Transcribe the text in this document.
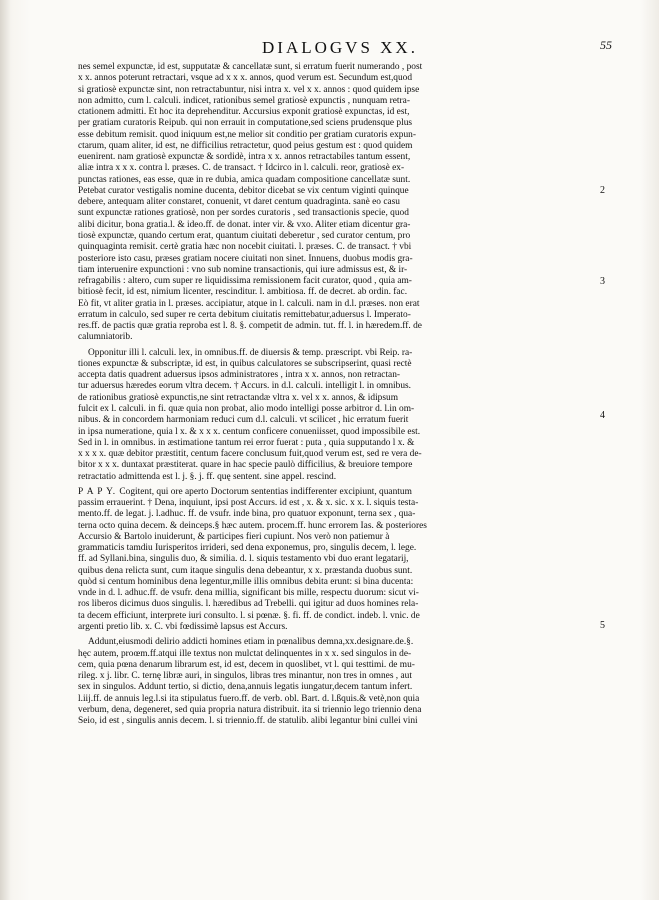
DIALOGVS XX.	55
nes semel expunctæ, id est, supputatæ & cancellatæ sunt, si erratum fuerit numerando , post
x x. annos poterunt retractari, vsque ad x x x. annos, quod verum est. Secundum est,quod
si gratiosè expunctæ sint, non retractabuntur, nisi intra x. vel x x. annos : quod quidem ipse
non admitto, cum l. calculi. indicet, rationibus semel gratiosè expunctis , nunquam retra-
ctationem admitti. Et hoc ita deprehenditur. Accursius exponit gratiosè expunctas, id est,
per gratiam curatoris Reipub. qui non errauit in computatione,sed sciens prudensque plus
esse debitum remisit. quod iniquum est,ne melior sit conditio per gratiam curatoris expun-
ctarum, quam aliter, id est, ne difficilius retractetur, quod peius gestum est : quod quidem
euenirent. nam gratiosè expunctæ & sordidè, intra x x. annos retractabiles tantum essent,
aliæ intra x x x. contra l. præses. C. de transact. † Idcirco in l. calculi. reor, gratiosè ex-
punctas rationes, eas esse, quæ in re dubia, amica quadam compositione cancellatæ sunt.
Petebat curator vestigalis nomine ducenta, debitor dicebat se vix centum viginti quinque
debere, antequam aliter constaret, conuenit, vt daret centum quadraginta. sanè eo casu
sunt expunctæ rationes gratiosè, non per sordes curatoris , sed transactionis specie, quod
alibi dicitur, bona gratia.l. & ideo.ff. de donat. inter vir. & vxo. Aliter etiam dicentur gra-
tiosè expunctæ, quando certum erat, quantum ciuitati deberetur , sed curator centum, pro
quinquaginta remisit. certè gratia hæc non nocebit ciuitati. l. præses. C. de transact. † vbi
posteriore isto casu, præses gratiam nocere ciuitati non sinet. Innuens, duobus modis gra-
tiam interuenire expunctioni : vno sub nomine transactionis, qui iure admissus est, & ir-
refragabilis : altero, cum super re liquidissima remissionem facit curator, quod , quia am-
bitiosè fecit, id est, nimium licenter, rescinditur. l. ambitiosa. ff. de decret. ab ordin. fac.
Eò fit, vt aliter gratia in l. præses. accipiatur, atque in l. calculi. nam in d.l. præses. non erat
erratum in calculo, sed super re certa debitum ciuitatis remittebatur,aduersus l. Imperato-
res.ff. de pactis quæ gratia reproba est l. 8. §. competit de admin. tut. ff. l. in hæredem.ff. de
calumniatorib.
Opponitur illi l. calculi. lex, in omnibus.ff. de diuersis & temp. præscript. vbi Reip. ra-
tiones expunctæ & subscriptæ, id est, in quibus calculatores se subscripserint, quasi rectè
accepta datis quadrent aduersus ipsos administratores , intra x x. annos, non retractan-
tur aduersus hæredes eorum vltra decem. † Accurs. in d.l. calculi. intelligit l. in omnibus.
de rationibus gratiosè expunctis,ne sint retractandæ vltra x. vel x x. annos, & idipsum
fulcit ex l. calculi. in fi. quæ quia non probat, alio modo intelligi posse arbitror d. l.in om-
nibus. & in concordem harmoniam reduci cum d.l. calculi. vt scilicet , hic erratum fuerit
in ipsa numeratione, quia l x. & x x x. centum conficere conueniisset, quod impossibile est.
Sed in l. in omnibus. in æstimatione tantum rei error fuerat : puta , quia supputando l x. &
x x x x. quæ debitor præstitit, centum facere conclusum fuit,quod verum est, sed re vera de-
bitor x x x. duntaxat præstiterat. quare in hac specie paulò difficilius, & breuiore tempore
retractatio admittenda est l. j. §. j. ff. quę sentent. sine appel. rescind.
P A P Y. Cogitent, qui ore aperto Doctorum sententias indifferenter excipiunt, quantum
passim errauerint. † Dena, inquiunt, ipsi post Accurs. id est , x. & x. sic. x x. l. siquis testa-
mento.ff. de legat. j. l.adhuc. ff. de vsufr. inde bina, pro quatuor exponunt, terna sex , qua-
terna octo quina decem. & deinceps.§ hæc autem. procem.ff. hunc errorem Ias. & posteriores
Accursio & Bartolo inuiderunt, & participes fieri cupiunt. Nos verò non patiemur à
grammaticis tamdiu Iurisperitos irrideri, sed dena exponemus, pro, singulis decem, l. lege.
ff. ad Syllani.bina, singulis duo, & similia. d. l. siquis testamento vbi duo erant legatarij,
quibus dena relicta sunt, cum itaque singulis dena debeantur, x x. præstanda duobus sunt.
quòd si centum hominibus dena legentur,mille illis omnibus debita erunt: si bina ducenta:
vnde in d. l. adhuc.ff. de vsufr. dena millia, significant bis mille, respectu duorum: sicut vi-
ros liberos dicimus duos singulis. l. hæredibus ad Trebelli. qui igitur ad duos homines rela-
ta decem efficiunt, interprete iuri consulto. l. si pœnæ. §. fi. ff. de condict. indeb. l. vnic. de
argenti pretio lib. x. C. vbi fœdissimè lapsus est Accurs.
Addunt,eiusmodi delirio addicti homines etiam in pœnalibus demna,xx.designare.de.§.
hęc autem, proœm.ff.atqui ille textus non mulctat delinquentes in x x. sed singulos in de-
cem, quia pœna denarum librarum est, id est, decem in quoslibet, vt l. qui testtimi. de mu-
rileg. x j. libr. C. ternę libræ auri, in singulos, libras tres minantur, non tres in omnes , aut
sex in singulos. Addunt tertio, si dictio, dena,annuis legatis iungatur,decem tantum infert.
l.iij.ff. de annuis leg.l.si ita stipulatus fuero.ff. de verb. obl. Bart. d. l.ßquis.& vetè,non quia
verbum, dena, degeneret, sed quia propria natura distribuit. ita si triennio lego triennio dena
Seio, id est , singulis annis decem. l. si triennio.ff. de statulib. alibi legantur bini cullei vini
2
3
4
5
